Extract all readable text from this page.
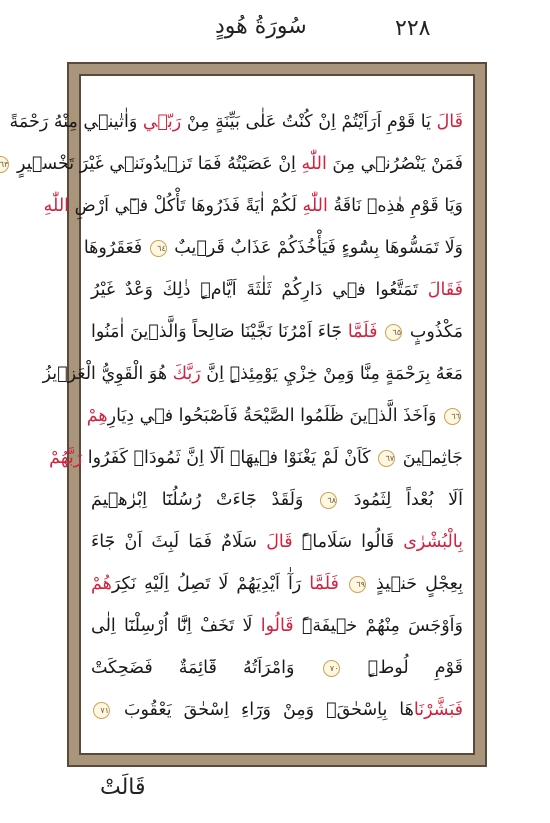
سُورَةُ هُودٍ	٢٢٨
قَالَ يَا قَوْمِ اَرَاَيْتُمْ اِنْ كُنْتُ عَلٰى بَيِّنَةٍ مِنْ رَبّ۪ي وَاٰتٰين۪ي مِنْهُ رَحْمَةً
فَمَنْ يَنْصُرُن۪ي مِنَ اللّٰهِ اِنْ عَصَيْتُهُ فَمَا تَز۪يدُونَن۪ي غَيْرَ تَخْس۪يرٍ ٦٣
وَيَا قَوْمِ هٰذِه۪ نَاقَةُ اللّٰهِ لَكُمْ اٰيَةً فَذَرُوهَا تَأْكُلْ ف۪ٓي اَرْضِ اللّٰهِ
وَلَا تَمَسُّوهَا بِسُٓوءٍ فَيَأْخُذَكُمْ عَذَابٌ قَر۪يبٌ ٦٤ فَعَقَرُوهَا
فَقَالَ تَمَتَّعُوا ف۪ي دَارِكُمْ ثَلٰثَةَ اَيَّامٍۜ ذٰلِكَ وَعْدٌ غَيْرُ
مَكْذُوبٍ ٦٥ فَلَمَّا جَٓاءَ اَمْرُنَا نَجَّيْنَا صَالِحاً وَالَّذ۪ينَ اٰمَنُوا
مَعَهُ بِرَحْمَةٍ مِنَّا وَمِنْ خِزْيِ يَوْمِئِذٍۜ اِنَّ رَبَّكَ هُوَ الْقَوِيُّ الْعَز۪يزُ
٦٦ وَاَخَذَ الَّذ۪ينَ ظَلَمُوا الصَّيْحَةُ فَاَصْبَحُوا ف۪ي دِيَارِهِمْ
جَاثِم۪ينَ ٦٧ كَاَنْ لَمْ يَغْنَوْا ف۪يهَاۜ اَلَٓا اِنَّ ثَمُودَا۬ كَفَرُوا رَبَّهُمْ
اَلَا بُعْداً لِثَمُودَ ٦٨ وَلَقَدْ جَٓاءَتْ رُسُلُنَٓا اِبْرٰه۪يمَ
بِالْبُشْرٰى قَالُوا سَلَاماًۜ قَالَ سَلَامٌ فَمَا لَبِثَ اَنْ جَٓاءَ
بِعِجْلٍ حَن۪يذٍ ٦٩ فَلَمَّا رَآٰ اَيْدِيَهُمْ لَا تَصِلُ اِلَيْهِ نَكِرَهُمْ
وَاَوْجَسَ مِنْهُمْ خ۪يفَةًۜ قَالُوا لَا تَخَفْ اِنَّٓا اُرْسِلْنَٓا اِلٰى
قَوْمِ لُوطٍۜ ٧٠ وَامْرَاَتُهُ قَٓائِمَةٌ فَضَحِكَتْ
فَبَشَّرْنَاهَا بِاِسْحٰقَۙ وَمِنْ وَرَٓاءِ اِسْحٰقَ يَعْقُوبَ ٧١
قَالَتْ
